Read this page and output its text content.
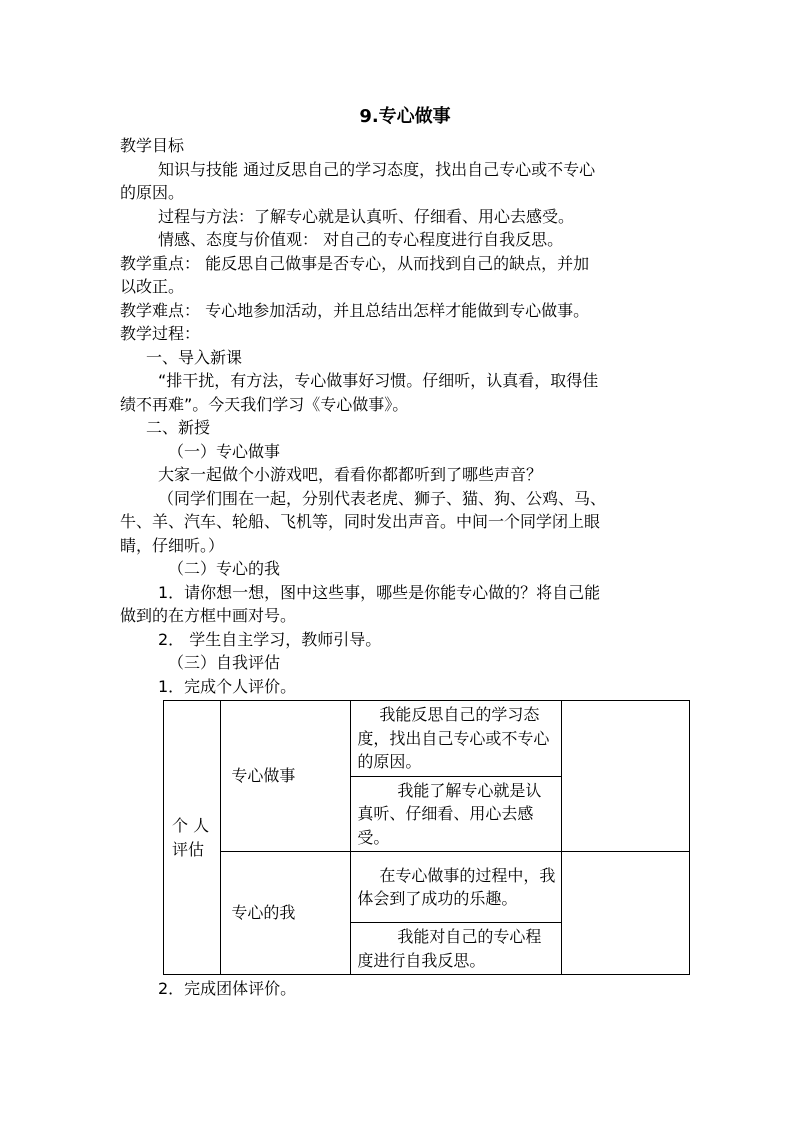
9.专心做事

教学目标

知识与技能 通过反思自己的学习态度，找出自己专心或不专心

的原因。

过程与方法：了解专心就是认真听、仔细看、用心去感受。

情感、态度与价值观： 对自己的专心程度进行自我反思。

教学重点： 能反思自己做事是否专心，从而找到自己的缺点，并加

以改正。

教学难点： 专心地参加活动，并且总结出怎样才能做到专心做事。

教学过程：

一、导入新课

“排干扰，有方法，专心做事好习惯。仔细听，认真看，取得佳

绩不再难”。今天我们学习《专心做事》。

二、新授

（一）专心做事

大家一起做个小游戏吧，看看你都都听到了哪些声音？

（同学们围在一起，分别代表老虎、狮子、猫、狗、公鸡、马、

牛、羊、汽车、轮船、飞机等，同时发出声音。中间一个同学闭上眼

睛，仔细听。）

（二）专心的我

1．请你想一想，图中这些事，哪些是你能专心做的？将自己能

做到的在方框中画对号。

2． 学生自主学习，教师引导。

（三）自我评估

1．完成个人评价。

个 人
评估	专心做事	我能反思自己的学习态度，找出自己专心或不专心的原因。	

		我能了解专心就是认真听、仔细看、用心去感受。	

	专心的我	在专心做事的过程中，我体会到了成功的乐趣。	

		我能对自己的专心程度进行自我反思。	

2．完成团体评价。
